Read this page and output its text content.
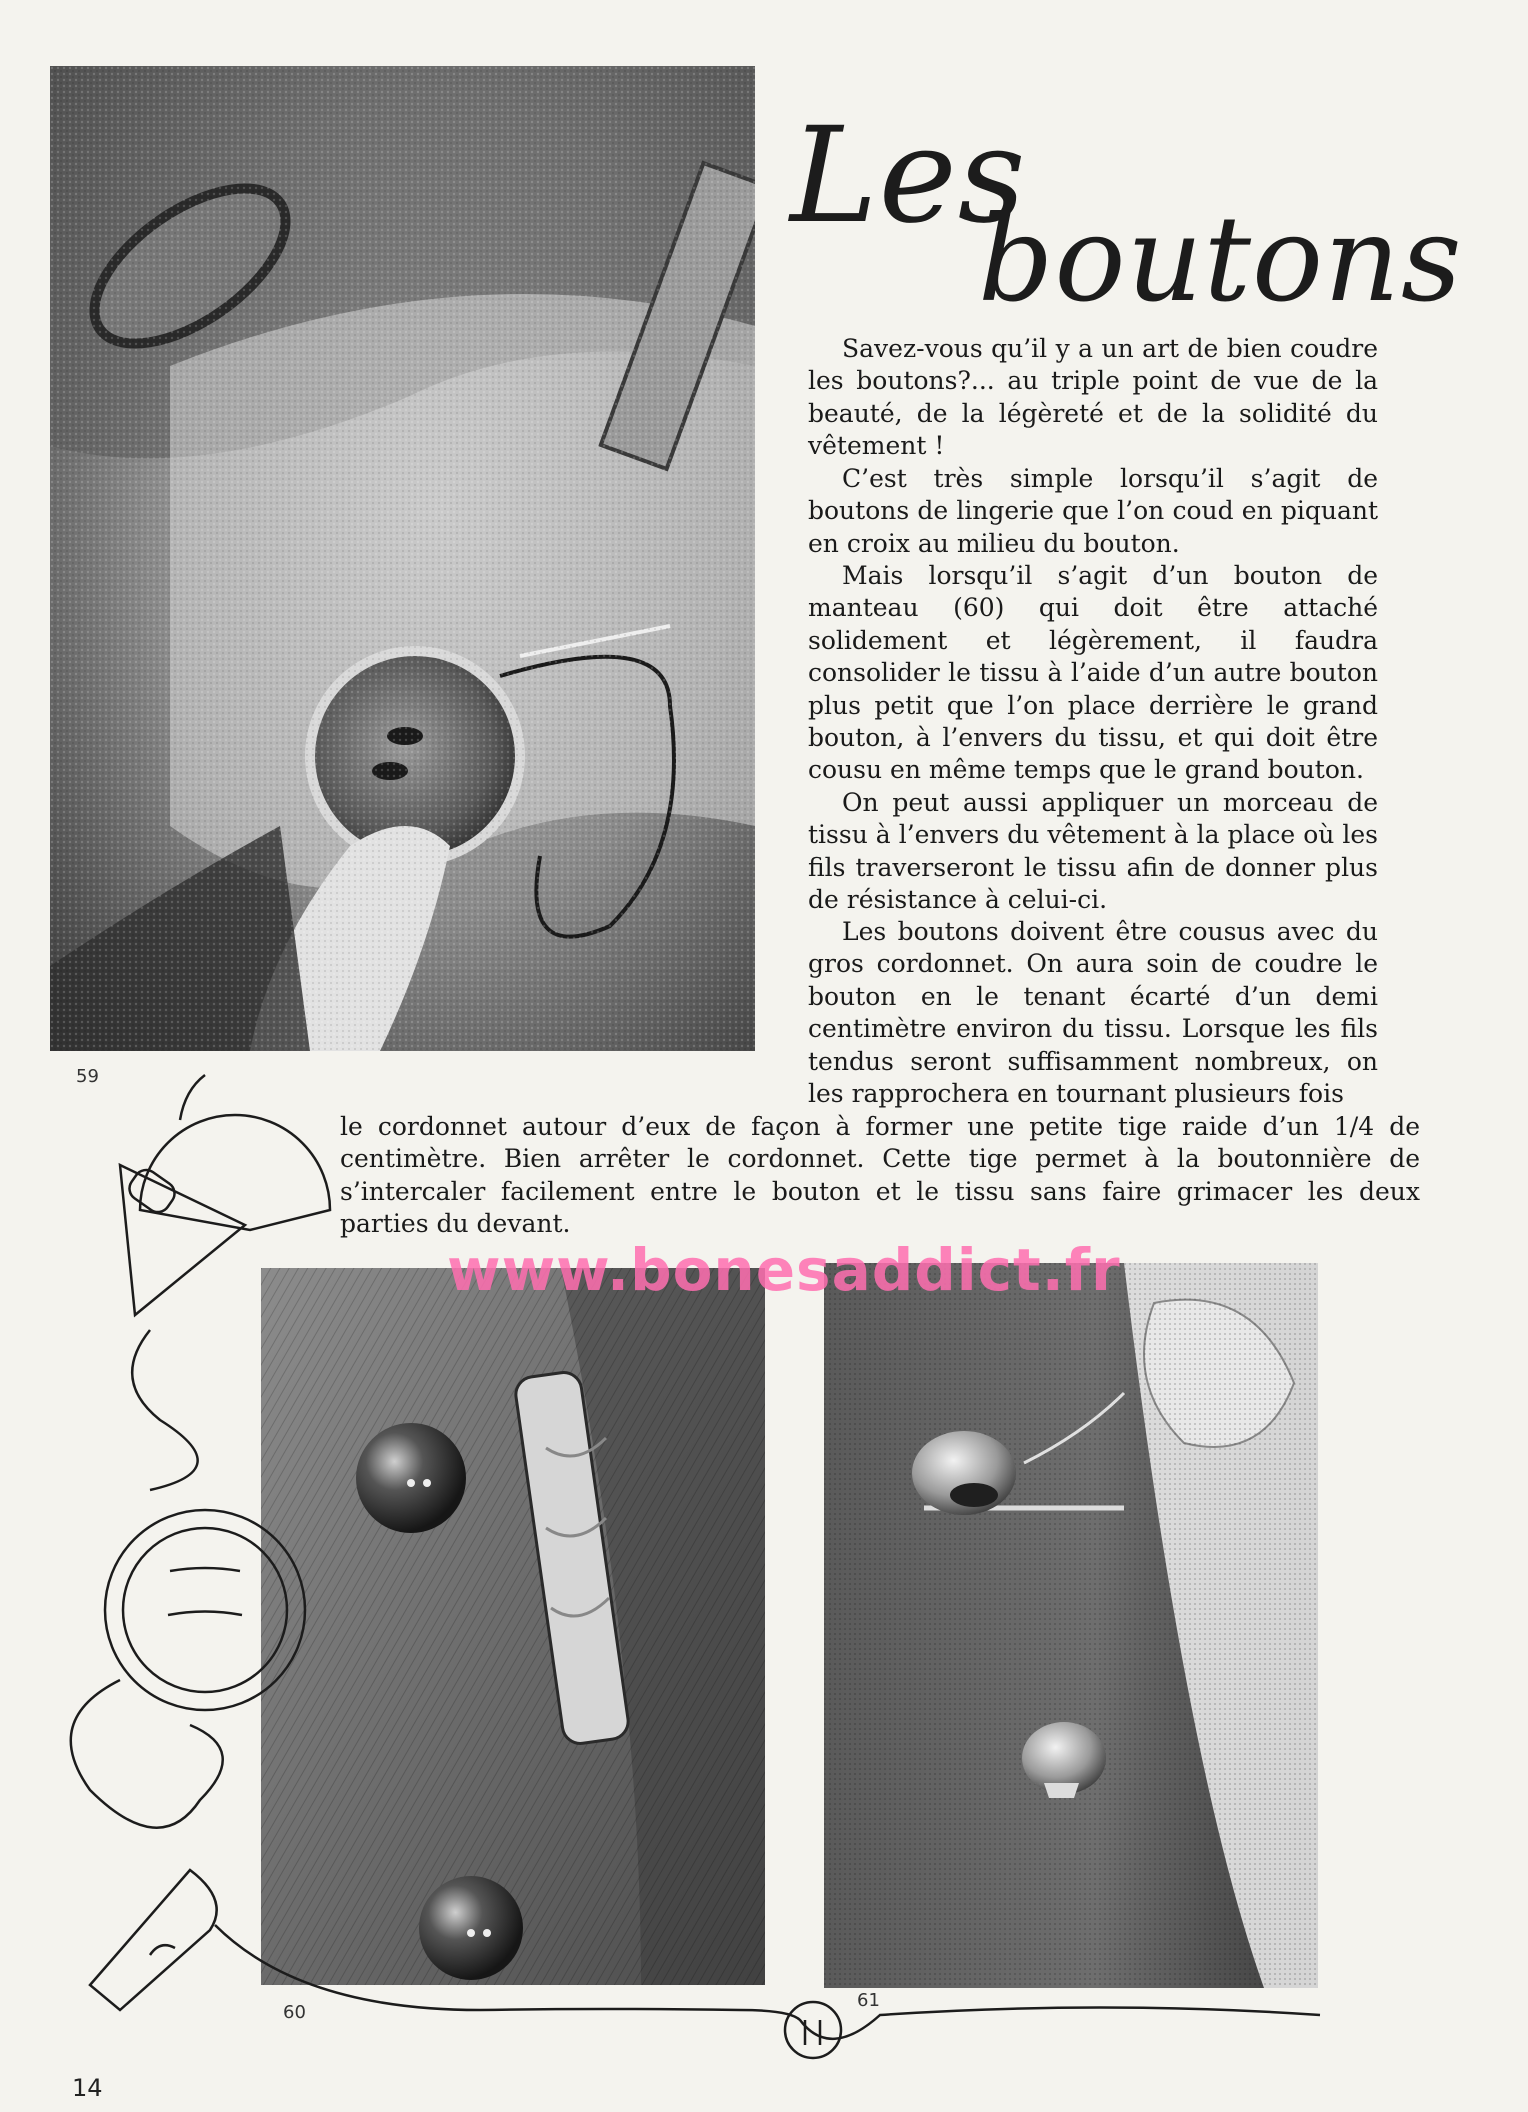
Les
boutons

Savez-vous qu’il y a un art de bien coudre les boutons?... au triple point de vue de la beauté, de la légèreté et de la solidité du vêtement !

C’est très simple lorsqu’il s’agit de boutons de lingerie que l’on coud en piquant en croix au milieu du bouton.

Mais lorsqu’il s’agit d’un bouton de manteau (60) qui doit être attaché solidement et légèrement, il faudra consolider le tissu à l’aide d’un autre bouton plus petit que l’on place derrière le grand bouton, à l’envers du tissu, et qui doit être cousu en même temps que le grand bouton.

On peut aussi appliquer un morceau de tissu à l’envers du vêtement à la place où les fils traverseront le tissu afin de donner plus de résistance à celui-ci.

Les boutons doivent être cousus avec du gros cordonnet. On aura soin de coudre le bouton en le tenant écarté d’un demi centimètre environ du tissu. Lorsque les fils tendus seront suffisamment nombreux, on les rapprochera en tournant plusieurs fois

le cordonnet autour d’eux de façon à former une petite tige raide d’un 1/4 de centimètre. Bien arrêter le cordonnet. Cette tige permet à la boutonnière de s’intercaler facilement entre le bouton et le tissu sans faire grimacer les deux parties du devant.

59

60

61

14

www.bonesaddict.fr
